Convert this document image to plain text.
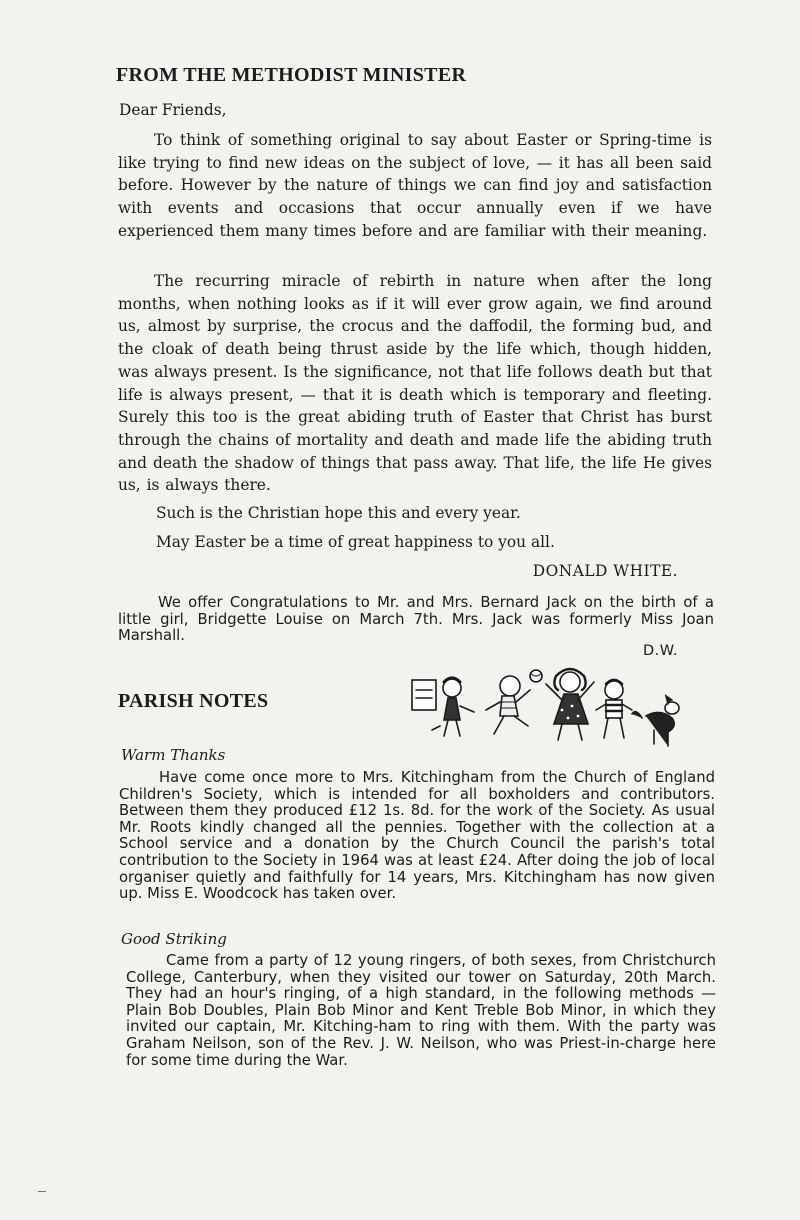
FROM THE METHODIST MINISTER

Dear Friends,

To think of something original to say about Easter or Spring-time is like trying to find new ideas on the subject of love, — it has all been said before. However by the nature of things we can find joy and satisfaction with events and occasions that occur annually even if we have experienced them many times before and are familiar with their meaning.

The recurring miracle of rebirth in nature when after the long months, when nothing looks as if it will ever grow again, we find around us, almost by surprise, the crocus and the daffodil, the forming bud, and the cloak of death being thrust aside by the life which, though hidden, was always present. Is the significance, not that life follows death but that life is always present, — that it is death which is temporary and fleeting. Surely this too is the great abiding truth of Easter that Christ has burst through the chains of mortality and death and made life the abiding truth and death the shadow of things that pass away. That life, the life He gives us, is always there.

Such is the Christian hope this and every year.

May Easter be a time of great happiness to you all.

DONALD WHITE.

We offer Congratulations to Mr. and Mrs. Bernard Jack on the birth of a little girl, Bridgette Louise on March 7th. Mrs. Jack was formerly Miss Joan Marshall.

D.W.

PARISH NOTES

Warm Thanks

Have come once more to Mrs. Kitchingham from the Church of England Children's Society, which is intended for all boxholders and contributors. Between them they produced £12 1s. 8d. for the work of the Society. As usual Mr. Roots kindly changed all the pennies. Together with the collection at a School service and a donation by the Church Council the parish's total contribution to the Society in 1964 was at least £24. After doing the job of local organiser quietly and faithfully for 14 years, Mrs. Kitchingham has now given up. Miss E. Woodcock has taken over.

Good Striking

Came from a party of 12 young ringers, of both sexes, from Christchurch College, Canterbury, when they visited our tower on Saturday, 20th March. They had an hour's ringing, of a high standard, in the following methods — Plain Bob Doubles, Plain Bob Minor and Kent Treble Bob Minor, in which they invited our captain, Mr. Kitching-ham to ring with them. With the party was Graham Neilson, son of the Rev. J. W. Neilson, who was Priest-in-charge here for some time during the War.
